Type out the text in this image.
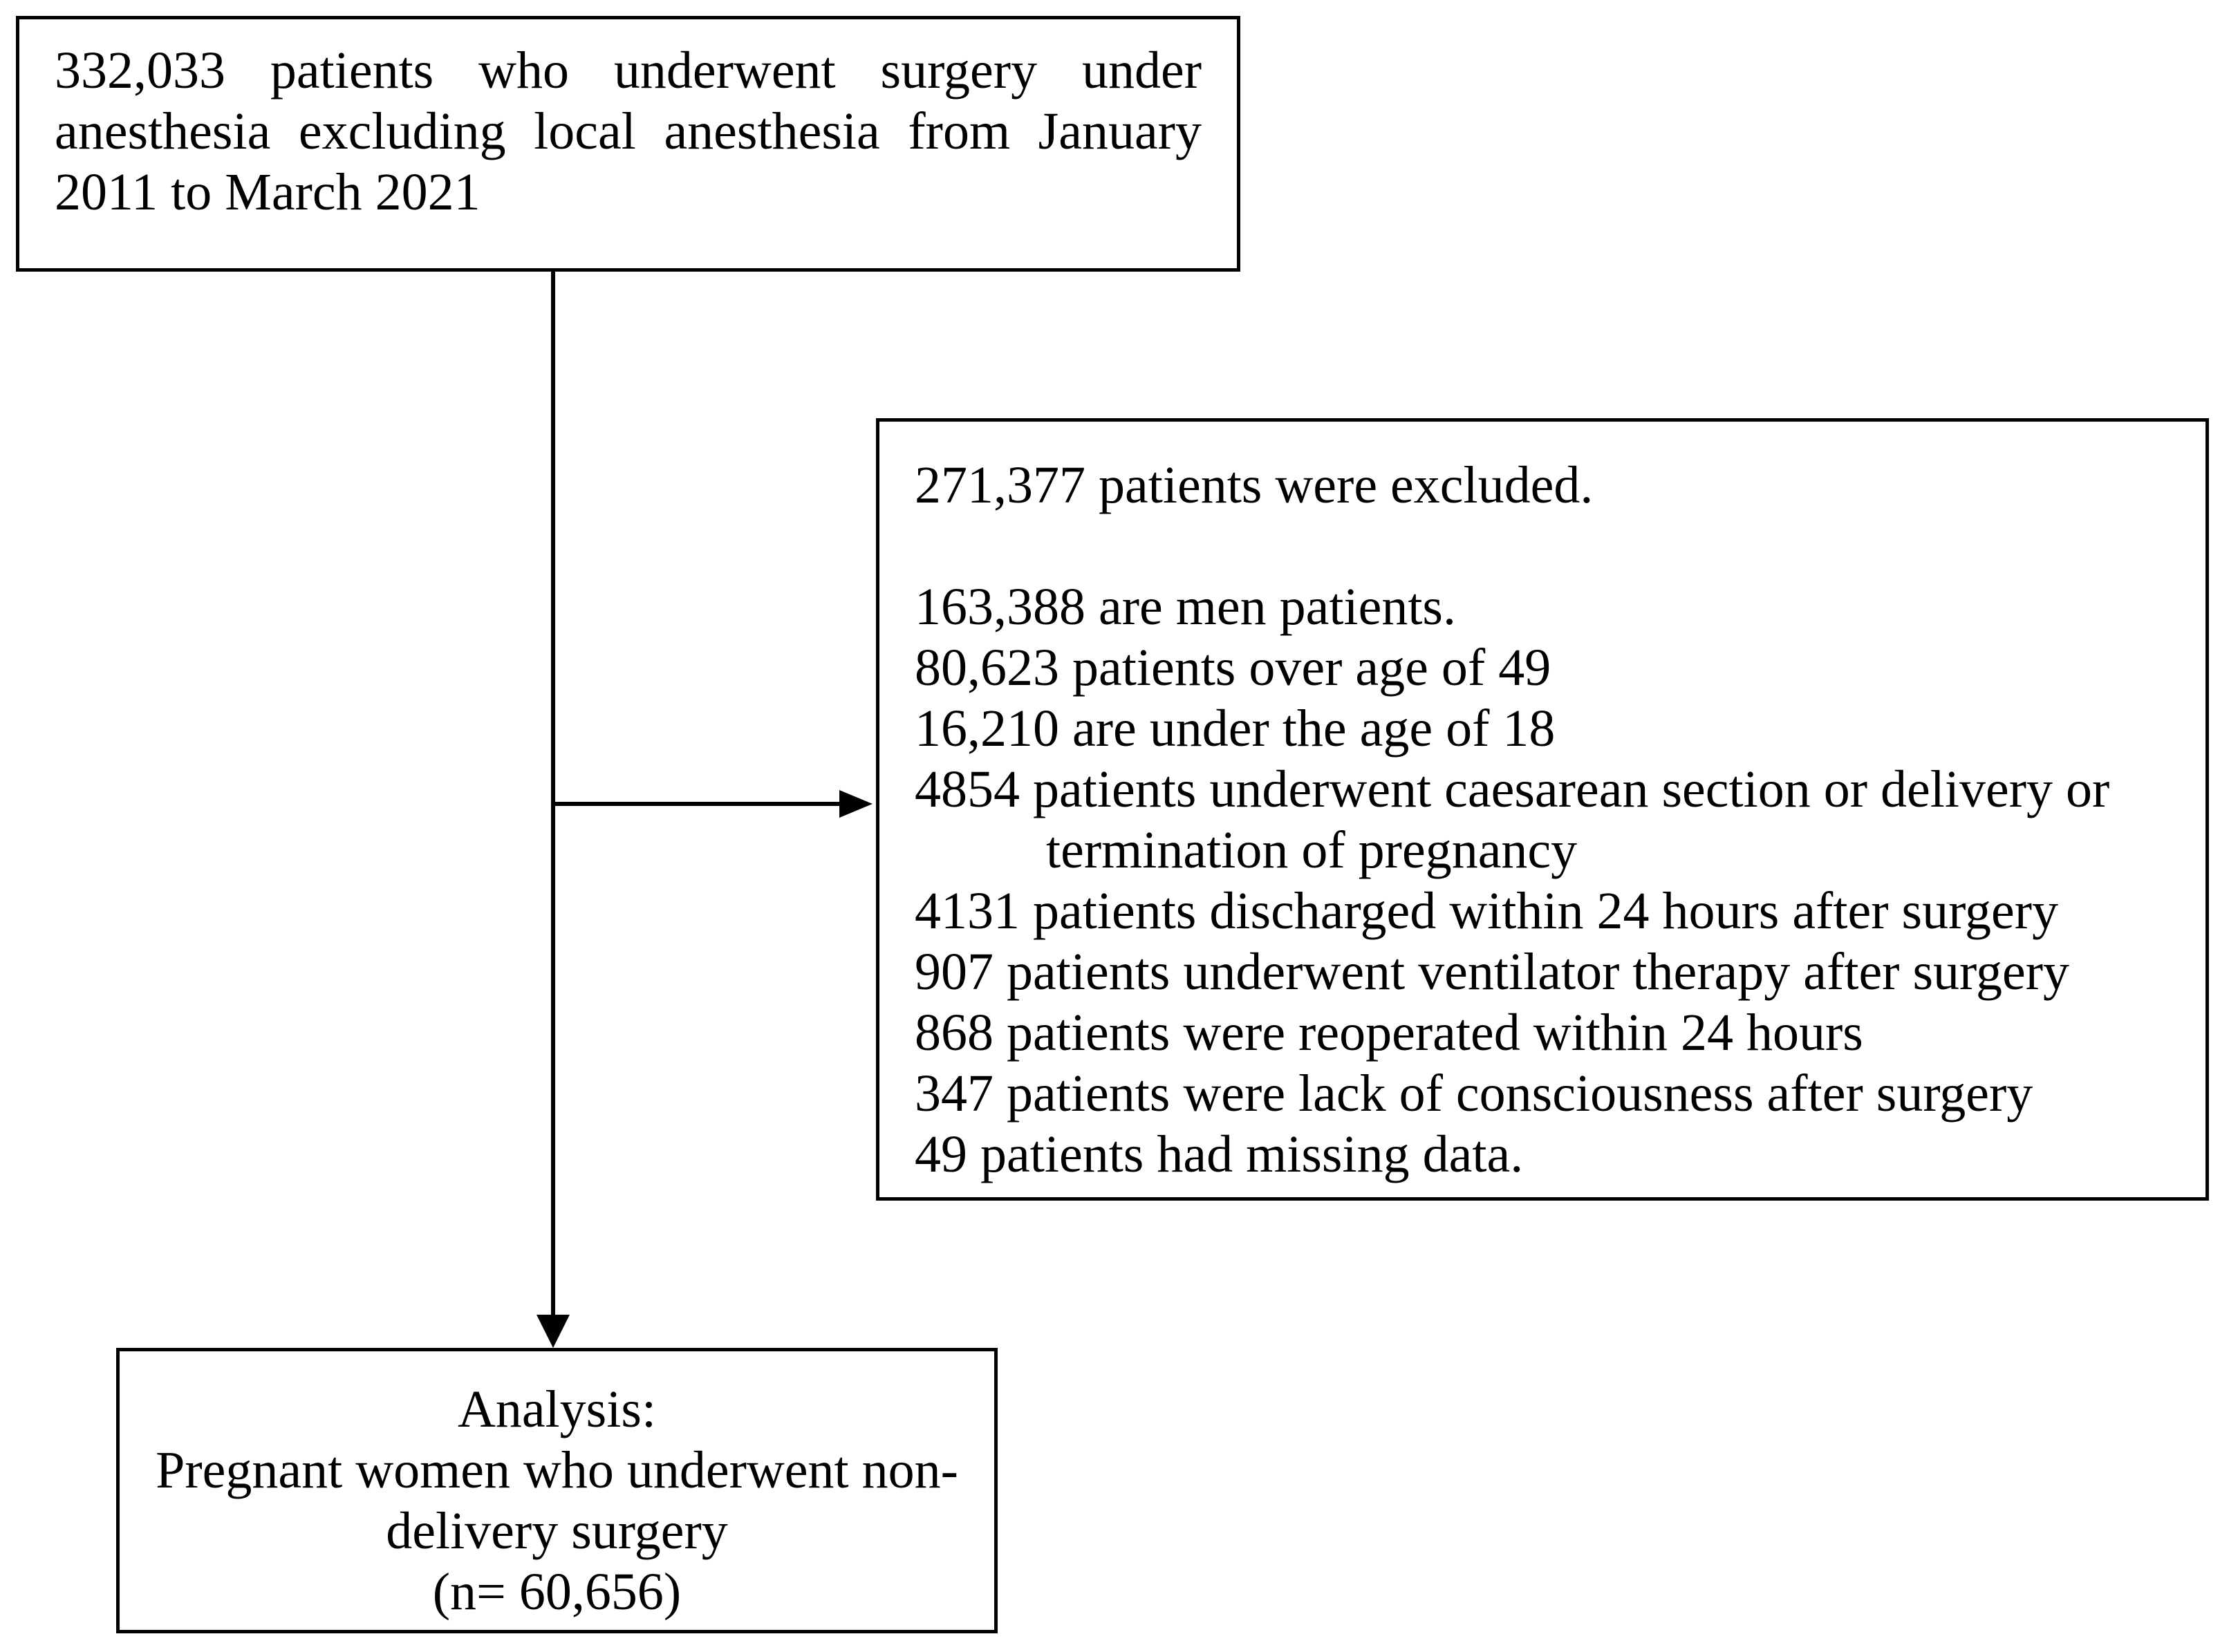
332,033 patients who underwent surgery under
anesthesia excluding local anesthesia from January
2011 to March 2021
271,377 patients were excluded.
163,388 are men patients.
80,623 patients over age of 49
16,210 are under the age of 18
4854 patients underwent caesarean section or delivery or
termination of pregnancy
4131 patients discharged within 24 hours after surgery
907 patients underwent ventilator therapy after surgery
868 patients were reoperated within 24 hours
347 patients were lack of consciousness after surgery
49 patients had missing data.
Analysis:
Pregnant women who underwent non-
delivery surgery
(n= 60,656)
